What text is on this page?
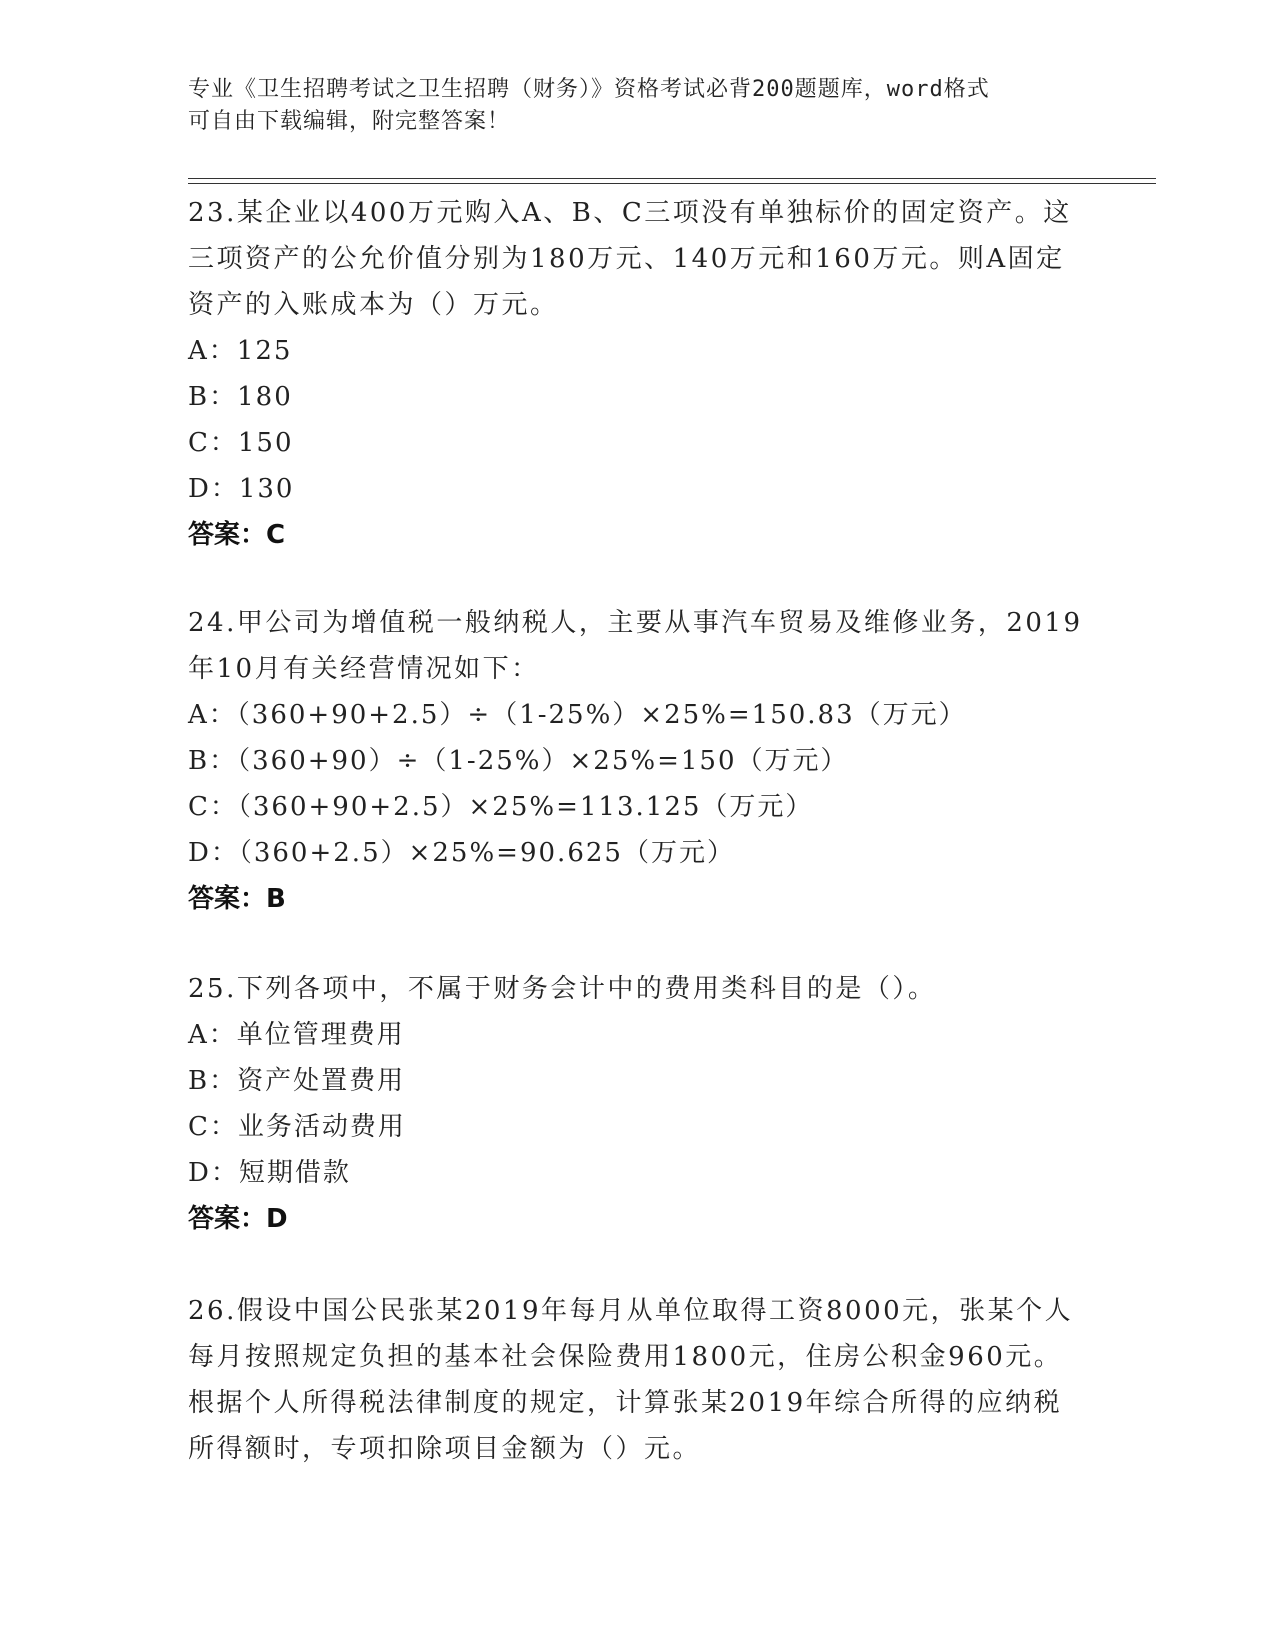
专业《卫生招聘考试之卫生招聘（财务）》资格考试必背200题题库，word格式
可自由下载编辑，附完整答案！

23.某企业以400万元购入A、B、C三项没有单独标价的固定资产。这

三项资产的公允价值分别为180万元、140万元和160万元。则A固定

资产的入账成本为（）万元。

A：125

B：180

C：150

D：130

答案：C

24.甲公司为增值税一般纳税人，主要从事汽车贸易及维修业务，2019

年10月有关经营情况如下：

A：（360+90+2.5）÷（1-25%）×25%=150.83（万元）

B：（360+90）÷（1-25%）×25%=150（万元）

C：（360+90+2.5）×25%=113.125（万元）

D：（360+2.5）×25%=90.625（万元）

答案：B

25.下列各项中，不属于财务会计中的费用类科目的是（）。

A：单位管理费用

B：资产处置费用

C：业务活动费用

D：短期借款

答案：D

26.假设中国公民张某2019年每月从单位取得工资8000元，张某个人

每月按照规定负担的基本社会保险费用1800元，住房公积金960元。

根据个人所得税法律制度的规定，计算张某2019年综合所得的应纳税

所得额时，专项扣除项目金额为（）元。
